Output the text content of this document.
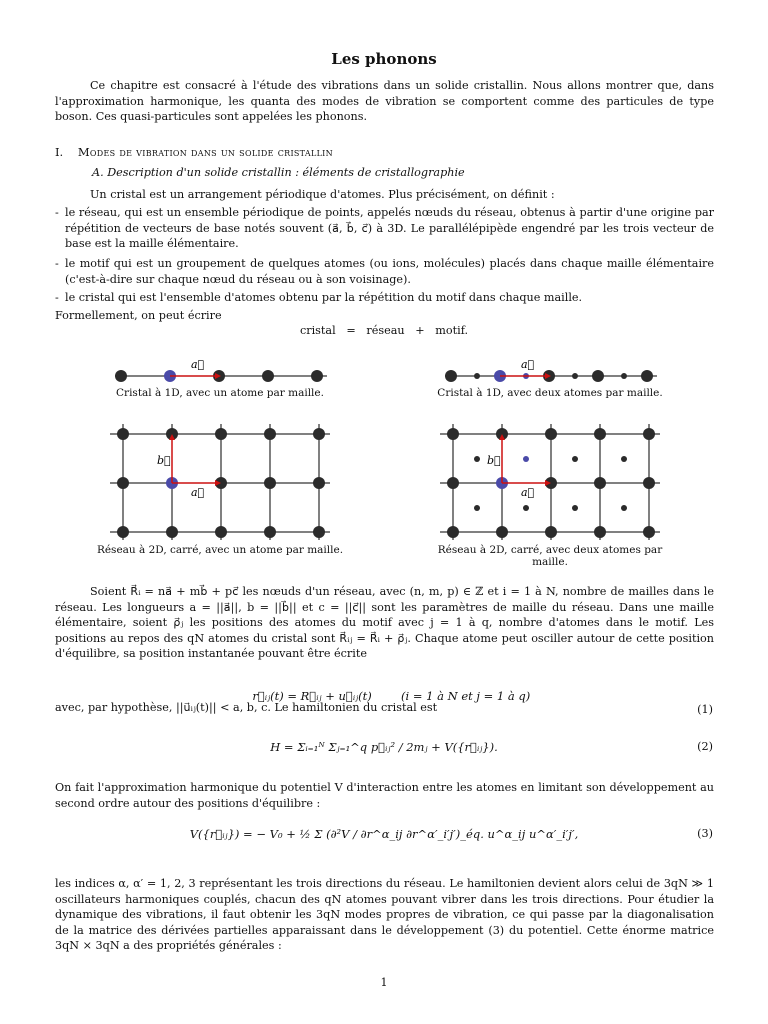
Les phonons
Ce chapitre est consacré à l'étude des vibrations dans un solide cristallin. Nous allons montrer que, dans l'approximation harmonique, les quanta des modes de vibration se comportent comme des particules de type boson. Ces quasi-particules sont appelées les phonons.
I. Modes de vibration dans un solide cristallin
A. Description d'un solide cristallin : éléments de cristallographie
Un cristal est un arrangement périodique d'atomes. Plus précisément, on définit :
- le réseau, qui est un ensemble périodique de points, appelés nœuds du réseau, obtenus à partir d'une origine par répétition de vecteurs de base notés souvent (a⃗, b⃗, c⃗) à 3D. Le parallélépipède engendré par les trois vecteur de base est la maille élémentaire.
- le motif qui est un groupement de quelques atomes (ou ions, molécules) placés dans chaque maille élémentaire (c'est-à-dire sur chaque nœud du réseau ou à son voisinage).
- le cristal qui est l'ensemble d'atomes obtenu par la répétition du motif dans chaque maille.
Formellement, on peut écrire
cristal   =   réseau   +   motif.
a⃗
Cristal à 1D, avec un atome par maille.
a⃗
Cristal à 1D, avec deux atomes par maille.
a⃗
b⃗
Réseau à 2D, carré, avec un atome par maille.
a⃗
b⃗
Réseau à 2D, carré, avec deux atomes par maille.
Soient R⃗ᵢ = na⃗ + mb⃗ + pc⃗ les nœuds d'un réseau, avec (n, m, p) ∈ ℤ et i = 1 à N, nombre de mailles dans le réseau. Les longueurs a = ||a⃗||, b = ||b⃗|| et c = ||c⃗|| sont les paramètres de maille du réseau. Dans une maille élémentaire, soient ρ⃗ⱼ les positions des atomes du motif avec j = 1 à q, nombre d'atomes dans le motif. Les positions au repos des qN atomes du cristal sont R⃗ᵢⱼ = R⃗ᵢ + ρ⃗ⱼ. Chaque atome peut osciller autour de cette position d'équilibre, sa position instantanée pouvant être écrite

r⃗ᵢⱼ(t) = R⃗ᵢⱼ + u⃗ᵢⱼ(t)        (i = 1 à N et j = 1 à q)

(1)

avec, par hypothèse, ||u⃗ᵢⱼ(t)|| < a, b, c. Le hamiltonien du cristal est
H = Σᵢ₌₁ᴺ Σⱼ₌₁^q p⃗ᵢⱼ² / 2mⱼ + V({r⃗ᵢⱼ}).	(2)
On fait l'approximation harmonique du potentiel V d'interaction entre les atomes en limitant son développement au second ordre autour des positions d'équilibre :
V({r⃗ᵢⱼ}) = − V₀ + ½ Σ (∂²V / ∂r^α_ij ∂r^α′_i′j′)_éq. u^α_ij u^α′_i′j′,	(3)
les indices α, α′ = 1, 2, 3 représentant les trois directions du réseau. Le hamiltonien devient alors celui de 3qN ≫ 1 oscillateurs harmoniques couplés, chacun des qN atomes pouvant vibrer dans les trois directions. Pour étudier la dynamique des vibrations, il faut obtenir les 3qN modes propres de vibration, ce qui passe par la diagonalisation de la matrice des dérivées partielles apparaissant dans le développement (3) du potentiel. Cette énorme matrice 3qN × 3qN a des propriétés générales :
1
